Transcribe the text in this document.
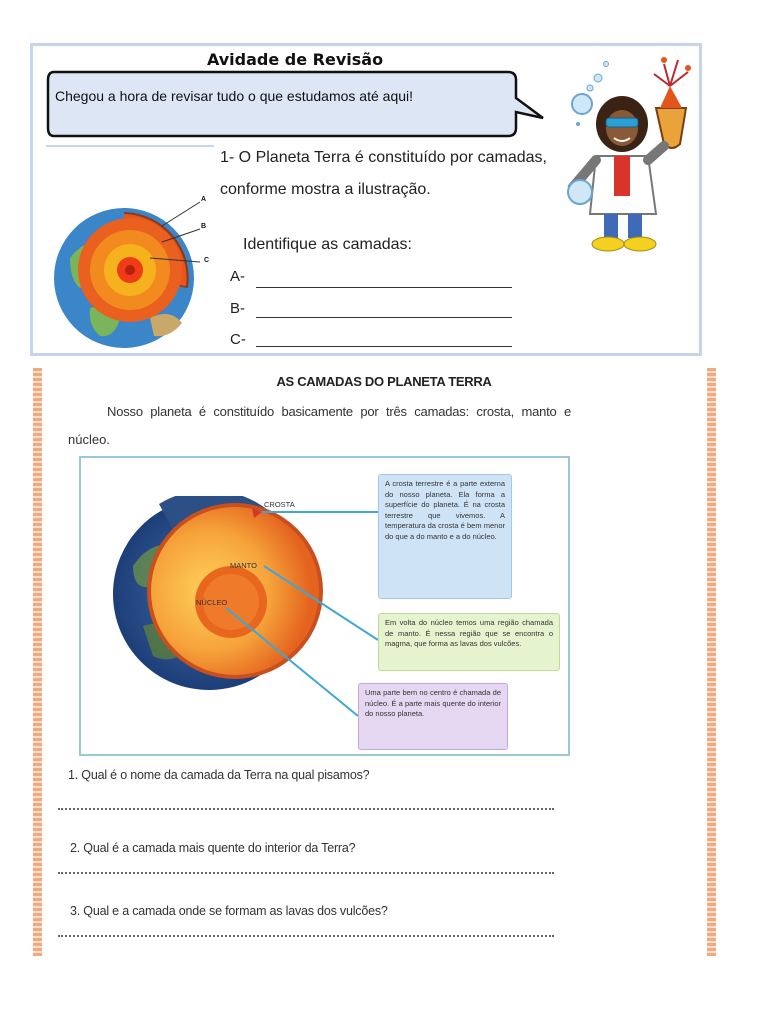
Avidade de Revisão
Chegou a hora de revisar tudo o que estudamos até aqui!
1- O Planeta Terra é constituído por camadas,
conforme mostra a ilustração.
Identifique as camadas:
A-
B-
C-
A
B
C
AS CAMADAS DO PLANETA TERRA
Nosso planeta é constituído basicamente por três camadas: crosta, manto e
núcleo.
CROSTA
MANTO
NÚCLEO
A crosta terrestre é a parte externa do nosso planeta. Ela forma a superfície do planeta. É na crosta terrestre que vivemos. A temperatura da crosta é bem menor do que a do manto e a do núcleo.
Em volta do núcleo temos uma região chamada de manto. É nessa região que se encontra o magma, que forma as lavas dos vulcões.
Uma parte bem no centro é chamada de núcleo. É a parte mais quente do interior do nosso planeta.
1. Qual é o nome da camada da Terra na qual pisamos?
2. Qual é a camada mais quente do interior da Terra?
3. Qual e a camada onde se formam as lavas dos vulcões?
